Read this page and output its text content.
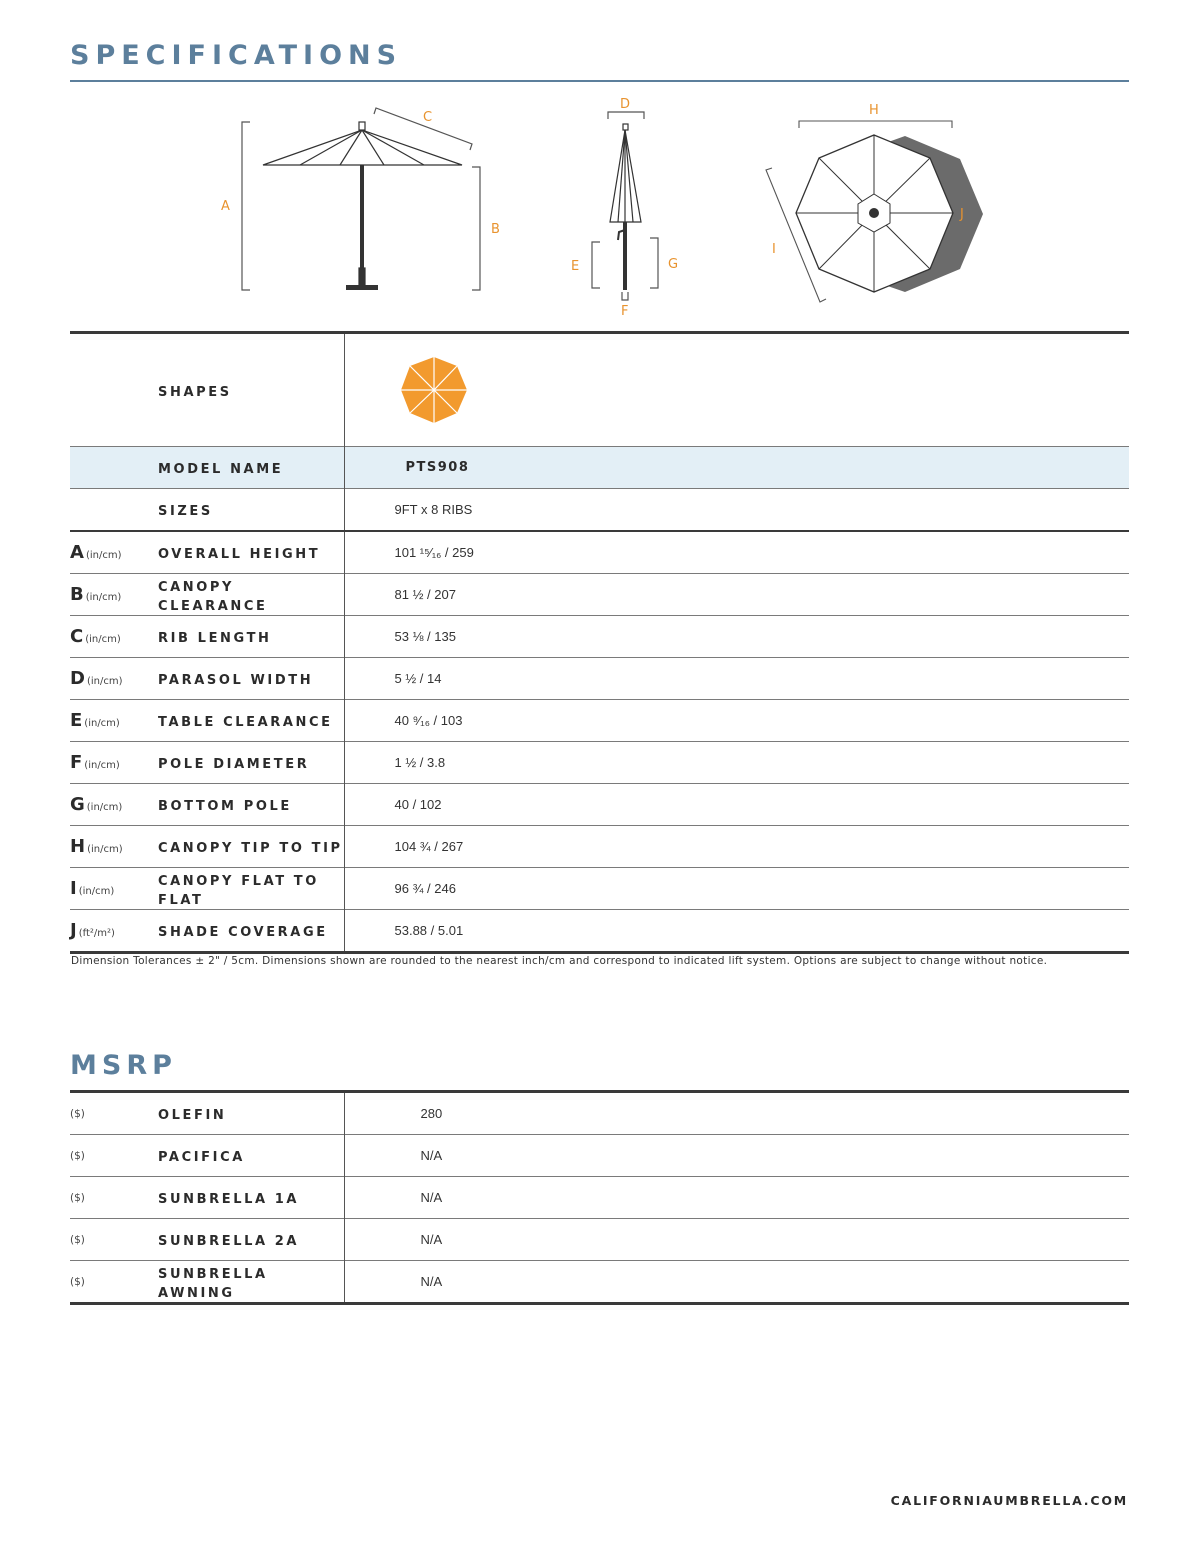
SPECIFICATIONS
A
B
C
D
E
F
G
H
I
J
	SHAPES	

	MODEL NAME	PTS908
	SIZES	9FT x 8 RIBS
A (in/cm)	OVERALL HEIGHT	101 ¹⁵⁄₁₆ / 259
B (in/cm)	CANOPY CLEARANCE	81 ½ / 207
C (in/cm)	RIB LENGTH	53 ⅛ / 135
D (in/cm)	PARASOL WIDTH	5 ½ / 14
E (in/cm)	TABLE CLEARANCE	40 ⁹⁄₁₆ / 103
F (in/cm)	POLE DIAMETER	1 ½ / 3.8
G (in/cm)	BOTTOM POLE	40 / 102
H (in/cm)	CANOPY TIP TO TIP	104 ¾ / 267
I (in/cm)	CANOPY FLAT TO FLAT	96 ¾ / 246
J (ft²/m²)	SHADE COVERAGE	53.88 / 5.01

Dimension Tolerances ± 2" / 5cm. Dimensions shown are rounded to the nearest inch/cm and correspond to indicated lift system. Options are subject to change without notice.

MSRP
($)	OLEFIN	280
($)	PACIFICA	N/A
($)	SUNBRELLA 1A	N/A
($)	SUNBRELLA 2A	N/A
($)	SUNBRELLA AWNING	N/A

CALIFORNIAUMBRELLA.COM
